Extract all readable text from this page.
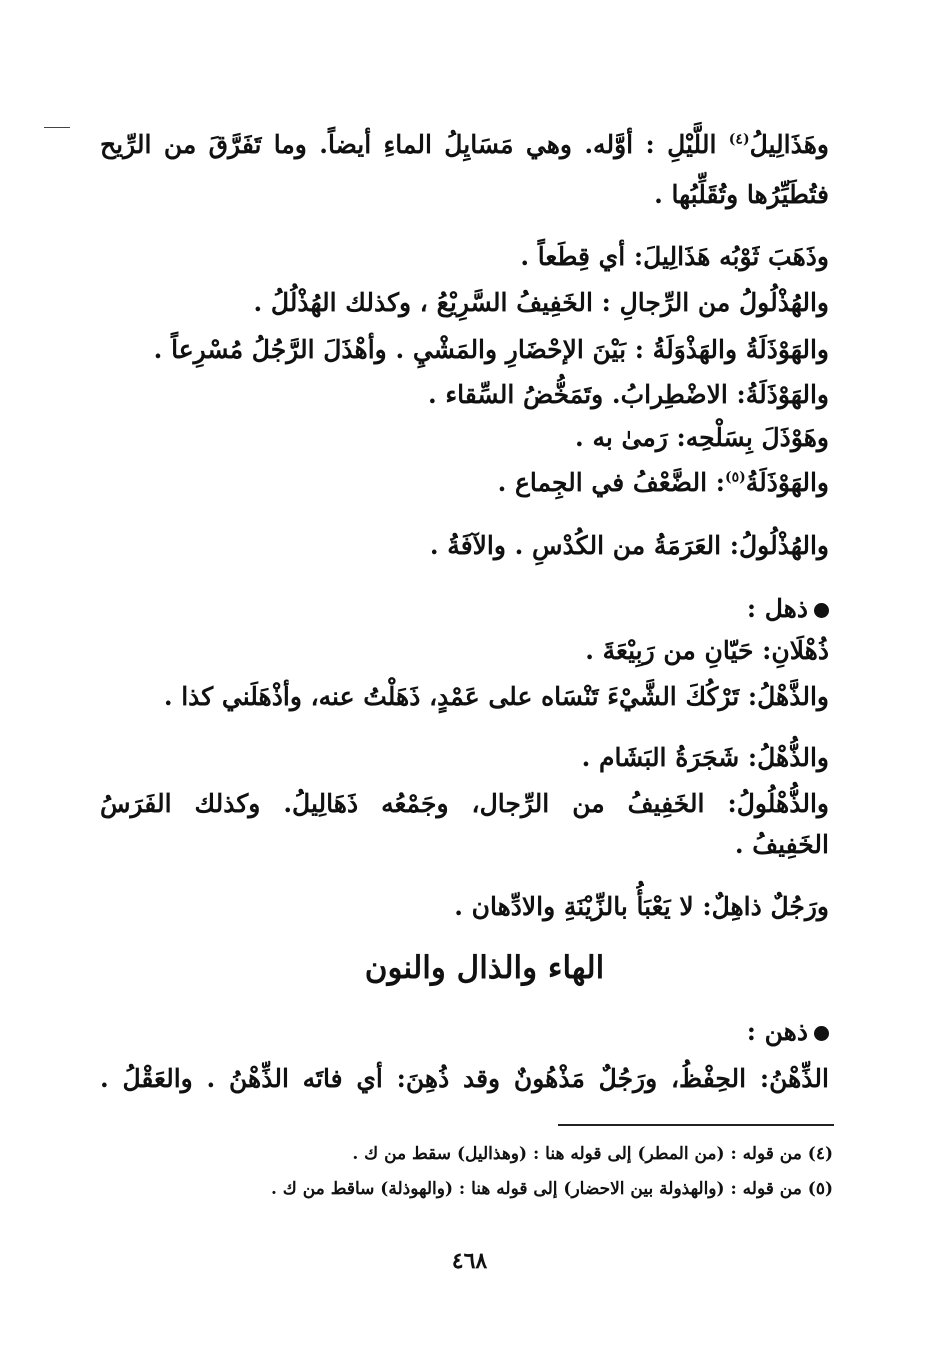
وهَذَالِيلُ$^{(٤)}$ اللَّيْلِ : أوَّله. وهي مَسَايِلُ الماءِ أيضاً. وما تَفَرَّقَ من الرِّيح
فتُطَيِّرُها وتُقَلِّبُها .
وذَهَبَ ثَوْبُه هَذَالِيلَ: أي قِطَعاً .
والهُذْلُولُ من الرِّجالِ : الخَفِيفُ السَّرِيْعُ ، وكذلك الهُذْلُلُ .
والهَوْذَلَةُ والهَذْوَلَةُ : بَيْنَ الإحْضَارِ والمَشْيِ . وأهْذَلَ الرَّجُلُ مُسْرِعاً .
والهَوْذَلَةُ: الاضْطِرابُ. وتَمَخُّضُ السِّقاء .
وهَوْذَلَ بِسَلْحِه: رَمىٰ به .
والهَوْذَلَةُ$^{(٥)}$: الضَّعْفُ في الجِماع .
والهُذْلُولُ: العَرَمَةُ من الكُدْسِ . والآفَةُ .
ذهل :
ذُهْلَانِ: حَيّانِ من رَبِيْعَةَ .
والذَّهْلُ: تَرْكُكَ الشَّيْءَ تَنْسَاه على عَمْدٍ، ذَهَلْتُ عنه، وأذْهَلَني كذا .
والذُّهْلُ: شَجَرَةُ البَشَام .
والذُّهْلُولُ: الخَفِيفُ من الرِّجال، وجَمْعُه ذَهَالِيلُ. وكذلك الفَرَسُ
الخَفِيفُ .
ورَجُلٌ ذاهِلٌ: لا يَعْبَأُ بالزِّيْنَةِ والادِّهان .
الهاء والذال والنون
ذهن :
الذِّهْنُ: الحِفْظُ، ورَجُلٌ مَذْهُونٌ وقد ذُهِنَ: أي فاتَه الذِّهْنُ . والعَقْلُ .
(٤) من قوله : (من المطر) إلى قوله هنا : (وهذاليل) سقط من ك .
(٥) من قوله : (والهذولة بين الاحضار) إلى قوله هنا : (والهوذلة) ساقط من ك .
٤٦٨
